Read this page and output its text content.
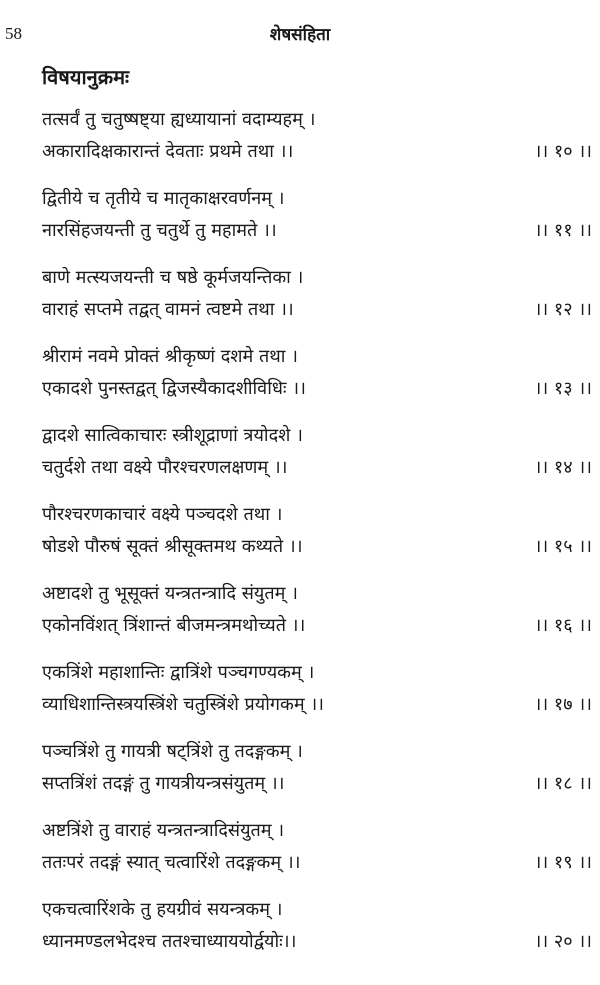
58	शेषसंहिता
विषयानुक्रमः
तत्सर्वं तु चतुष्षष्ट्या ह्यध्यायानां वदाम्यहम् ।
अकारादिक्षकारान्तं देवताः प्रथमे तथा ।।	।। १० ।।
द्वितीये च तृतीये च मातृकाक्षरवर्णनम् ।
नारसिंहजयन्ती तु चतुर्थे तु महामते ।।	।। ११ ।।
बाणे मत्स्यजयन्ती च षष्ठे कूर्मजयन्तिका ।
वाराहं सप्तमे तद्वत् वामनं त्वष्टमे तथा ।।	।। १२ ।।
श्रीरामं नवमे प्रोक्तं श्रीकृष्णं दशमे तथा ।
एकादशे पुनस्तद्वत् द्विजस्यैकादशीविधिः ।।	।। १३ ।।
द्वादशे सात्विकाचारः स्त्रीशूद्राणां त्रयोदशे ।
चतुर्दशे तथा वक्ष्ये पौरश्चरणलक्षणम् ।।	।। १४ ।।
पौरश्चरणकाचारं वक्ष्ये पञ्चदशे तथा ।
षोडशे पौरुषं सूक्तं श्रीसूक्तमथ कथ्यते ।।	।। १५ ।।
अष्टादशे तु भूसूक्तं यन्त्रतन्त्रादि संयुतम् ।
एकोनविंशत् त्रिंशान्तं बीजमन्त्रमथोच्यते ।।	।। १६ ।।
एकत्रिंशे महाशान्तिः द्वात्रिंशे पञ्चगण्यकम् ।
व्याधिशान्तिस्त्रयस्त्रिंशे चतुस्त्रिंशे प्रयोगकम् ।।	।। १७ ।।
पञ्चत्रिंशे तु गायत्री षट्त्रिंशे तु तदङ्गकम् ।
सप्तत्रिंशं तदङ्गं तु गायत्रीयन्त्रसंयुतम् ।।	।। १८ ।।
अष्टत्रिंशे तु वाराहं यन्त्रतन्त्रादिसंयुतम् ।
ततःपरं तदङ्गं स्यात् चत्वारिंशे तदङ्गकम् ।।	।। १९ ।।
एकचत्वारिंशके तु हयग्रीवं सयन्त्रकम् ।
ध्यानमण्डलभेदश्च ततश्चाध्याययोर्द्वयोः।।	।। २० ।।
